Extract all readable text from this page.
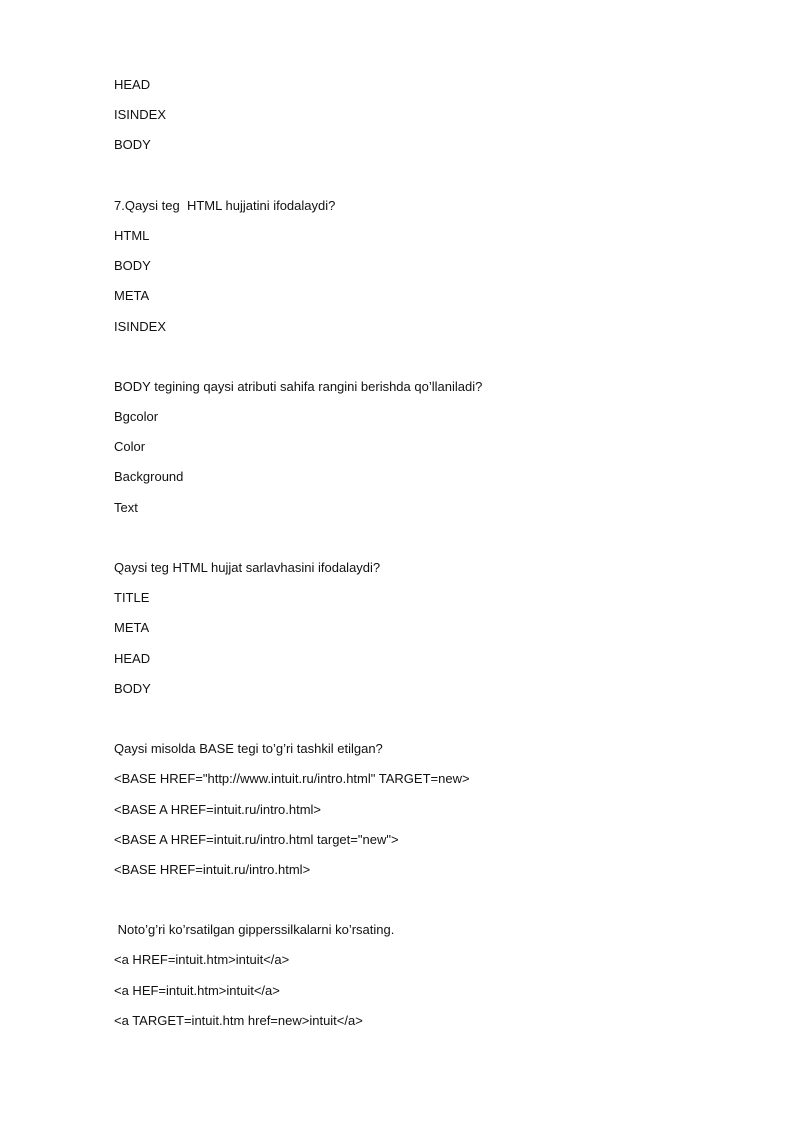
HEAD
ISINDEX
BODY
7.Qaysi teg  HTML hujjatini ifodalaydi?
HTML
BODY
META
ISINDEX
BODY tegining qaysi atributi sahifa rangini berishda qo’llaniladi?
Bgcolor
Color
Background
Text
Qaysi teg HTML hujjat sarlavhasini ifodalaydi?
TITLE
META
HEAD
BODY
Qaysi misolda BASE tegi to’g’ri tashkil etilgan?
<BASE HREF="http://www.intuit.ru/intro.html" TARGET=new>
<BASE A HREF=intuit.ru/intro.html>
<BASE A HREF=intuit.ru/intro.html target="new">
<BASE HREF=intuit.ru/intro.html>
Noto’g’ri ko’rsatilgan gipperssilkalarni ko’rsating.
<a HREF=intuit.htm>intuit</a>
<a HEF=intuit.htm>intuit</a>
<a TARGET=intuit.htm href=new>intuit</a>
